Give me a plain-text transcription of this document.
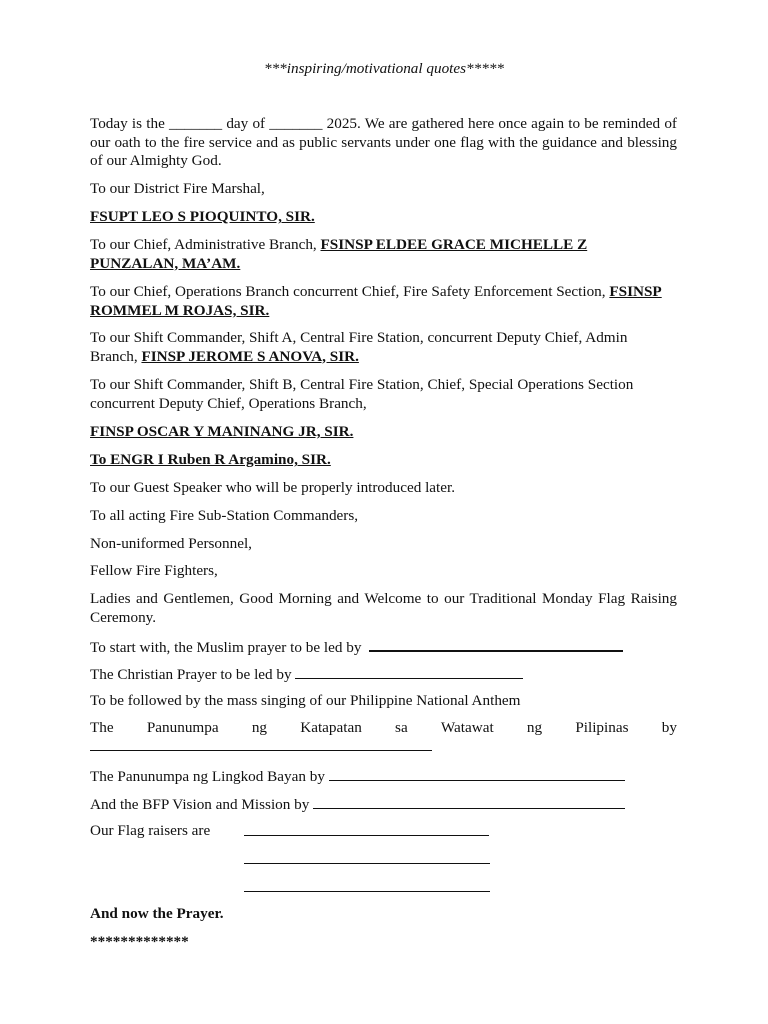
***inspiring/motivational quotes*****

Today is the _______ day of _______ 2025. We are gathered here once again to be reminded of our oath to the fire service and as public servants under one flag with the guidance and blessing of our Almighty God.

To our District Fire Marshal,

FSUPT LEO S PIOQUINTO, SIR.

To our Chief, Administrative Branch, FSINSP ELDEE GRACE MICHELLE Z
PUNZALAN, MA’AM.

To our Chief, Operations Branch concurrent Chief, Fire Safety Enforcement Section, FSINSP ROMMEL M ROJAS, SIR.

To our Shift Commander, Shift A, Central Fire Station, concurrent Deputy Chief, Admin Branch, FINSP JEROME S ANOVA, SIR.

To our Shift Commander, Shift B, Central Fire Station, Chief, Special Operations Section concurrent Deputy Chief, Operations Branch,

FINSP OSCAR Y MANINANG JR, SIR.

To ENGR I Ruben R Argamino, SIR.

To our Guest Speaker who will be properly introduced later.

To all acting Fire Sub-Station Commanders,

Non-uniformed Personnel,

Fellow Fire Fighters,

Ladies and Gentlemen, Good Morning and Welcome to our Traditional Monday Flag Raising Ceremony.

To start with, the Muslim prayer to be led by

The Christian Prayer to be led by

To be followed by the mass singing of our Philippine National Anthem

The Panunumpa ng Katapatan sa Watawat ng Pilipinas by

The Panunumpa ng Lingkod Bayan by

And the BFP Vision and Mission by

Our Flag raisers are

And now the Prayer.

*************
